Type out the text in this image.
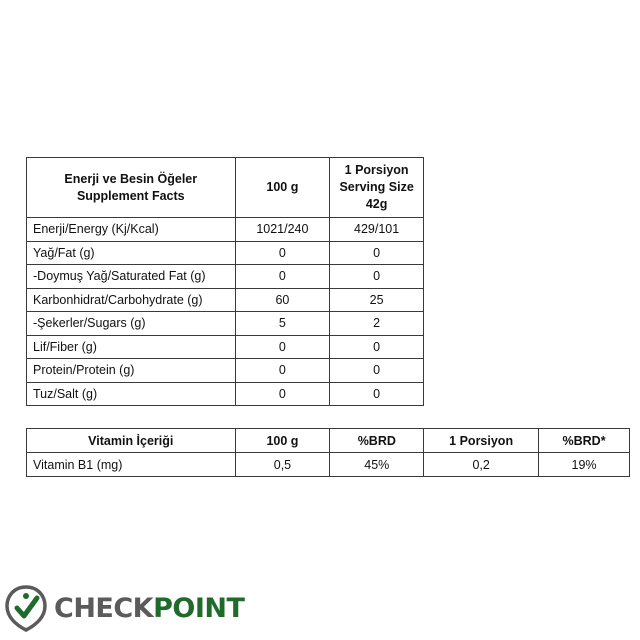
Enerji ve Besin Öğeler
Supplement Facts	100 g	1 Porsiyon
Serving Size
42g
Enerji/Energy (Kj/Kcal)	1021/240	429/101
Yağ/Fat (g)	0	0
-Doymuş Yağ/Saturated Fat (g)	0	0
Karbonhidrat/Carbohydrate (g)	60	25
-Şekerler/Sugars (g)	5	2
Lif/Fiber (g)	0	0
Protein/Protein (g)	0	0
Tuz/Salt (g)	0	0
Vitamin İçeriği	100 g	%BRD	1 Porsiyon	%BRD*
Vitamin B1 (mg)	0,5	45%	0,2	19%
CHECKPOINT
